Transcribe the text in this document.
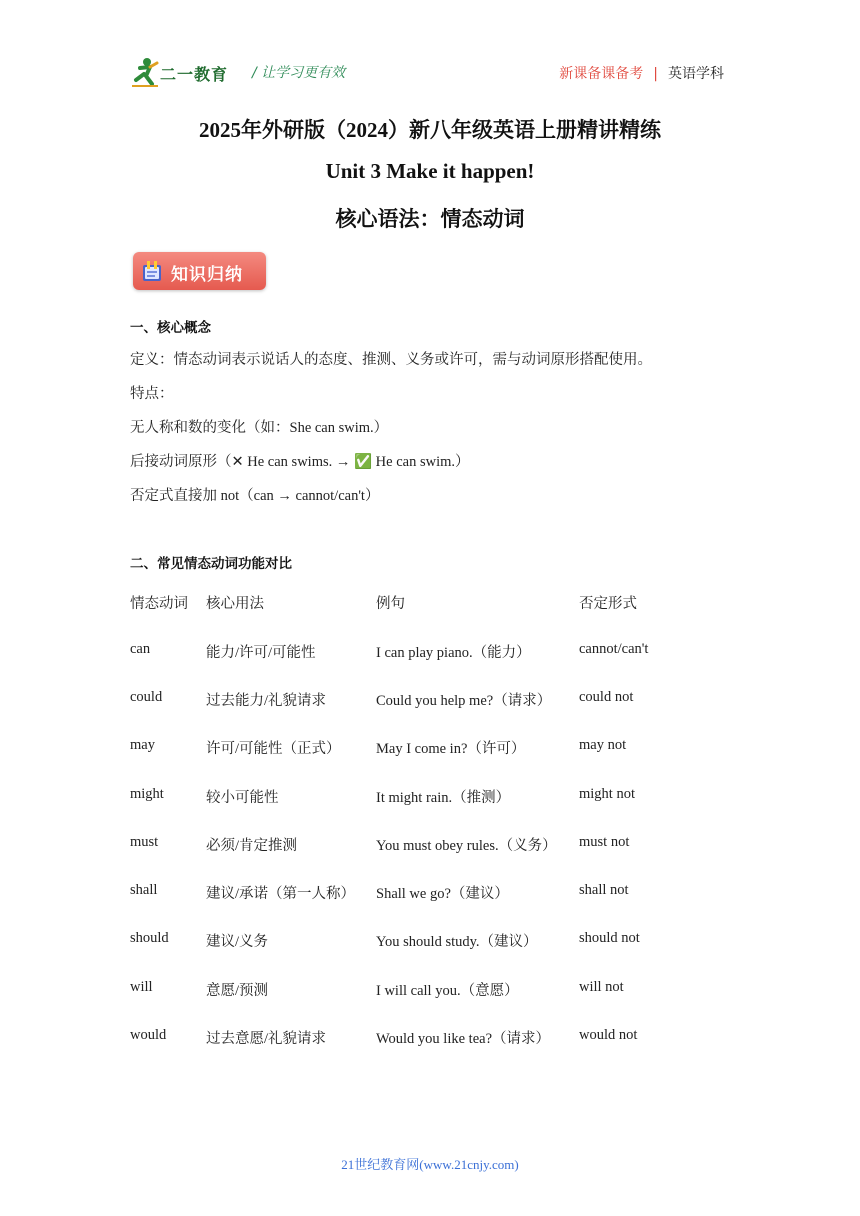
二一教育 / 让学习更有效	新课备课备考 | 英语学科
2025年外研版（2024）新八年级英语上册精讲精练
Unit 3 Make it happen!
核心语法：情态动词
知识归纳
一、核心概念
定义：情态动词表示说话人的态度、推测、义务或许可，需与动词原形搭配使用。
特点：
无人称和数的变化（如：She can swim.）
后接动词原形（✕ He can swims. → ✅ He can swim.）
否定式直接加 not（can → cannot/can't）
二、常见情态动词功能对比
情态动词 核心用法	例句	否定形式
can	能力/许可/可能性	I can play piano.（能力）	cannot/can't
could	过去能力/礼貌请求	Could you help me?（请求） could not
may	许可/可能性（正式） May I come in?（许可）	may not
might	较小可能性	It might rain.（推测）	might not
must	必须/肯定推测	You must obey rules.（义务） must not
shall	建议/承诺（第一人称） Shall we go?（建议）	shall not
should	建议/义务	You should study.（建议）	should not
will	意愿/预测	I will call you.（意愿）	will not
would	过去意愿/礼貌请求	Would you like tea?（请求） would not
21世纪教育网(www.21cnjy.com)
